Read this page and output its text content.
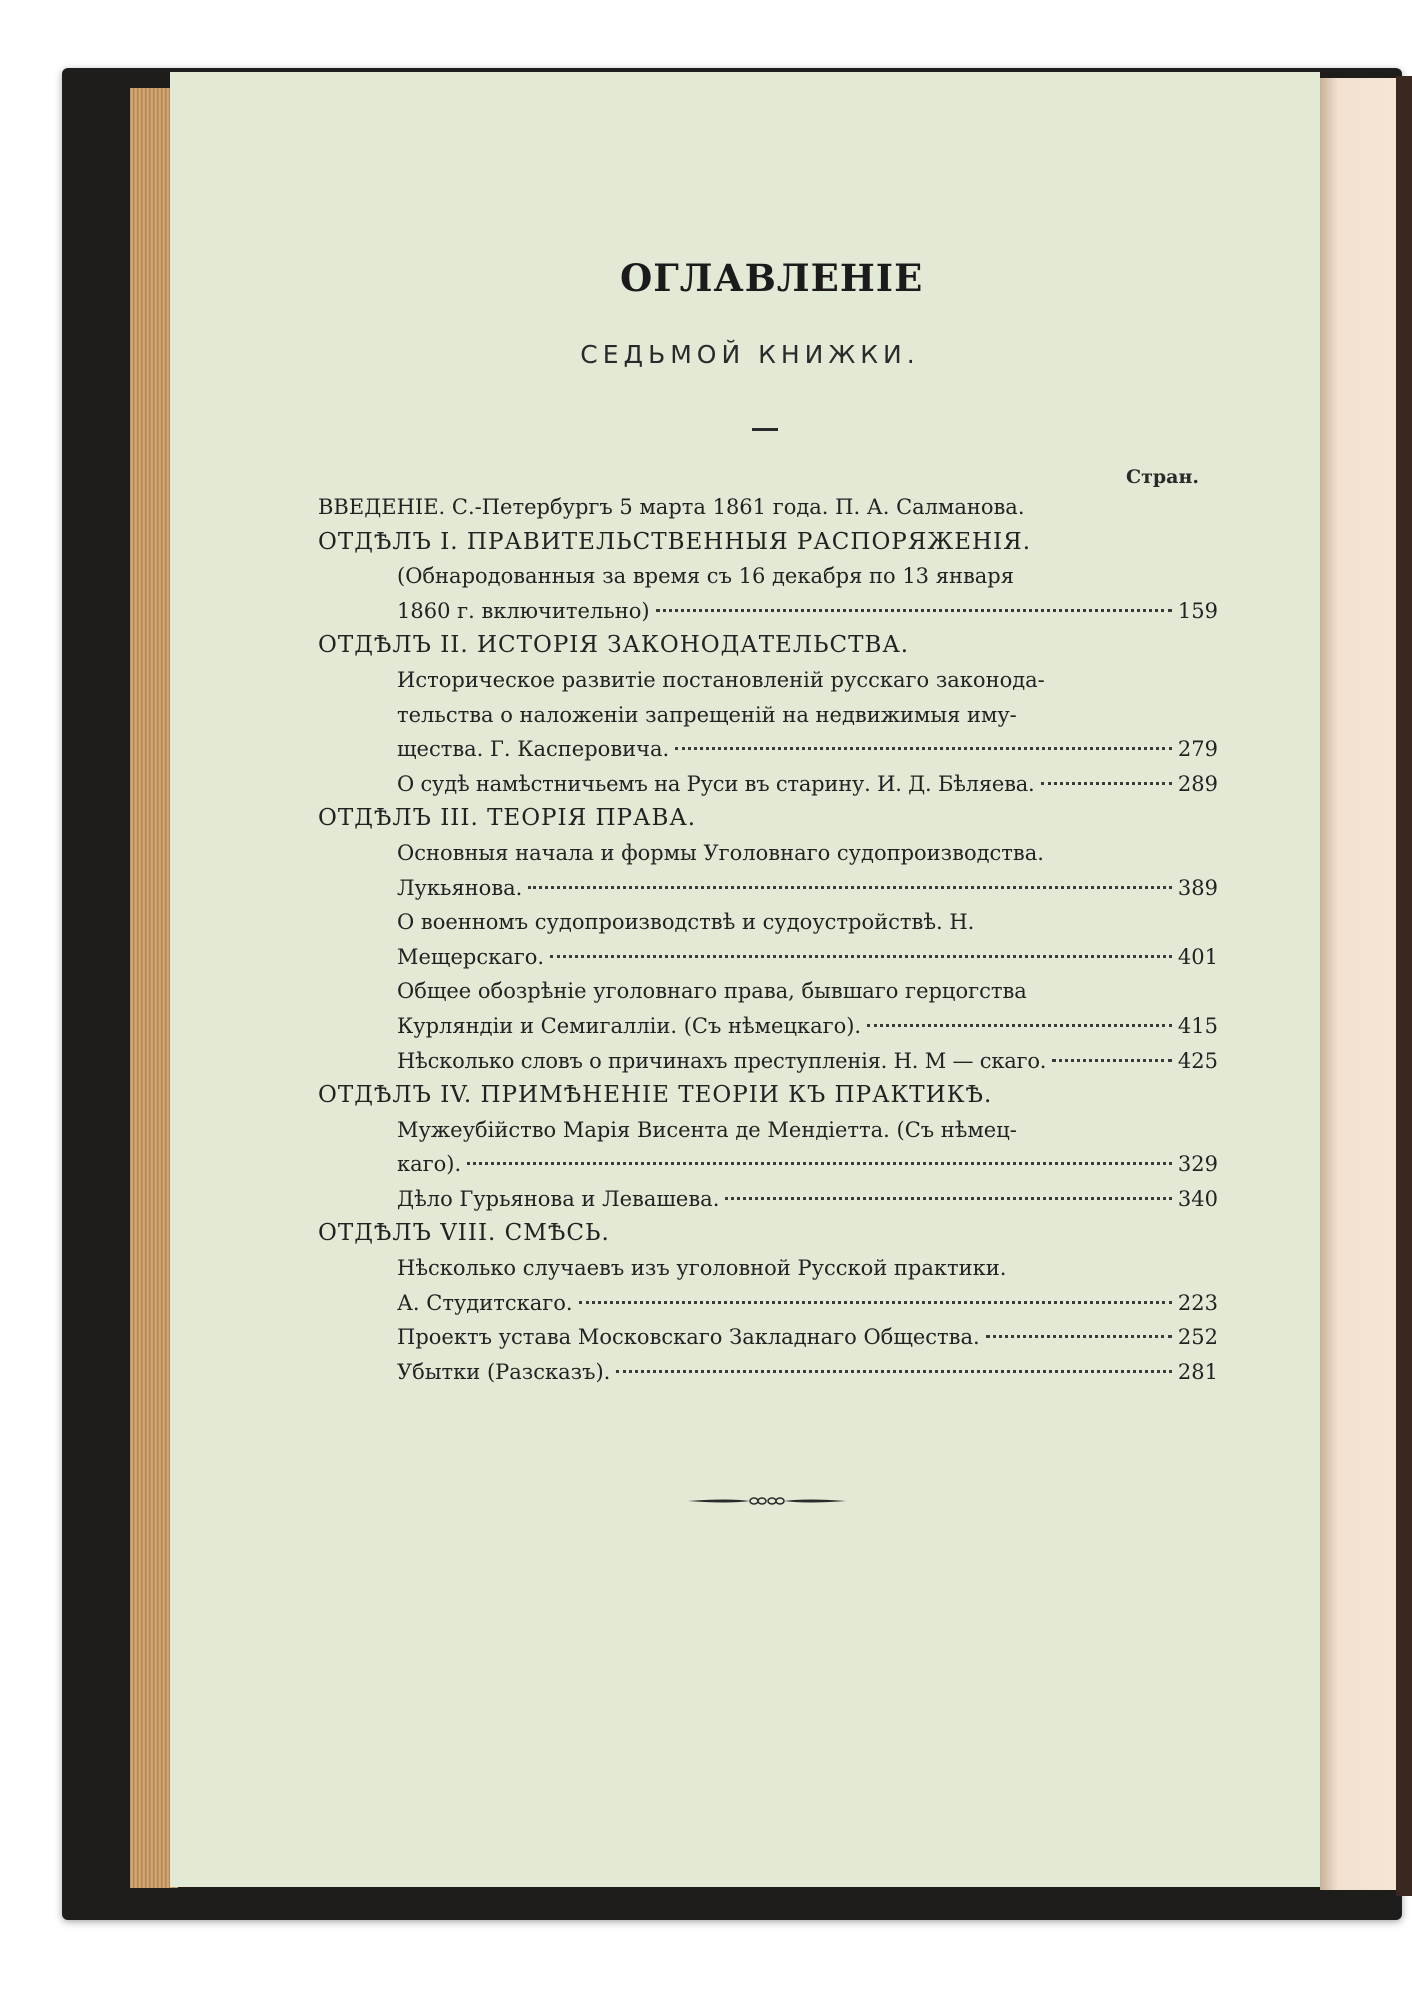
ОГЛАВЛЕНІЕ
СЕДЬМОЙ КНИЖКИ.
Стран.
ВВЕДЕНІЕ. С.-Петербургъ 5 марта 1861 года. П. А. Салманова.
ОТДѢЛЪ I. ПРАВИТЕЛЬСТВЕННЫЯ РАСПОРЯЖЕНІЯ.
(Обнародованныя за время съ 16 декабря по 13 января
1860 г. включительно)	159
ОТДѢЛЪ II. ИСТОРІЯ ЗАКОНОДАТЕЛЬСТВА.
Историческое развитіе постановленій русскаго законода-
тельства о наложеніи запрещеній на недвижимыя иму-
щества. Г. Касперовича.	279
О судѣ намѣстничьемъ на Руси въ старину. И. Д. Бѣляева.	289
ОТДѢЛЪ III. ТЕОРІЯ ПРАВА.
Основныя начала и формы Уголовнаго судопроизводства.
Лукьянова.	389
О военномъ судопроизводствѣ и судоустройствѣ. Н.
Мещерскаго.	401
Общее обозрѣніе уголовнаго права, бывшаго герцогства
Курляндіи и Семигалліи. (Съ нѣмецкаго).	415
Нѣсколько словъ о причинахъ преступленія. Н. М — скаго.	425
ОТДѢЛЪ IV. ПРИМѢНЕНІЕ ТЕОРІИ КЪ ПРАКТИКѢ.
Мужеубійство Марія Висента де Мендіетта. (Съ нѣмец-
каго).	329
Дѣло Гурьянова и Левашева.	340
ОТДѢЛЪ VIII. СМѢСЬ.
Нѣсколько случаевъ изъ уголовной Русской практики.
А. Студитскаго.	223
Проектъ устава Московскаго Закладнаго Общества.	252
Убытки (Разсказъ).	281
